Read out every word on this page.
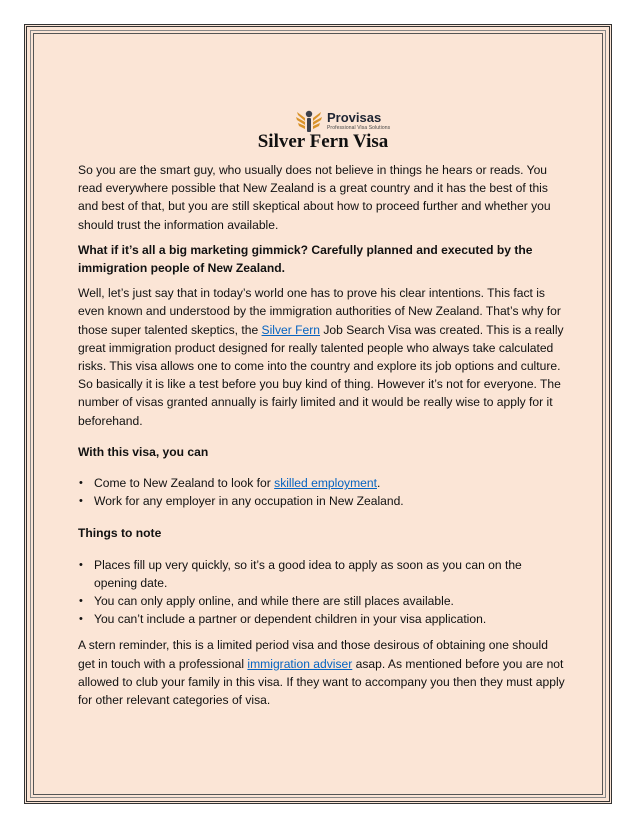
Provisas
Professional Visa Solutions
Silver Fern Visa

So you are the smart guy, who usually does not believe in things he hears or reads. You read everywhere possible that New Zealand is a great country and it has the best of this and best of that, but you are still skeptical about how to proceed further and whether you should trust the information available.

What if it’s all a big marketing gimmick? Carefully planned and executed by the immigration people of New Zealand.

Well, let’s just say that in today’s world one has to prove his clear intentions. This fact is even known and understood by the immigration authorities of New Zealand. That’s why for those super talented skeptics, the Silver Fern Job Search Visa was created. This is a really great immigration product designed for really talented people who always take calculated risks. This visa allows one to come into the country and explore its job options and culture. So basically it is like a test before you buy kind of thing. However it’s not for everyone. The number of visas granted annually is fairly limited and it would be really wise to apply for it beforehand.

With this visa, you can

• Come to New Zealand to look for skilled employment.
• Work for any employer in any occupation in New Zealand.

Things to note

• Places fill up very quickly, so it’s a good idea to apply as soon as you can on the opening date.
• You can only apply online, and while there are still places available.
• You can’t include a partner or dependent children in your visa application.

A stern reminder, this is a limited period visa and those desirous of obtaining one should get in touch with a professional immigration adviser asap. As mentioned before you are not allowed to club your family in this visa. If they want to accompany you then they must apply for other relevant categories of visa.
